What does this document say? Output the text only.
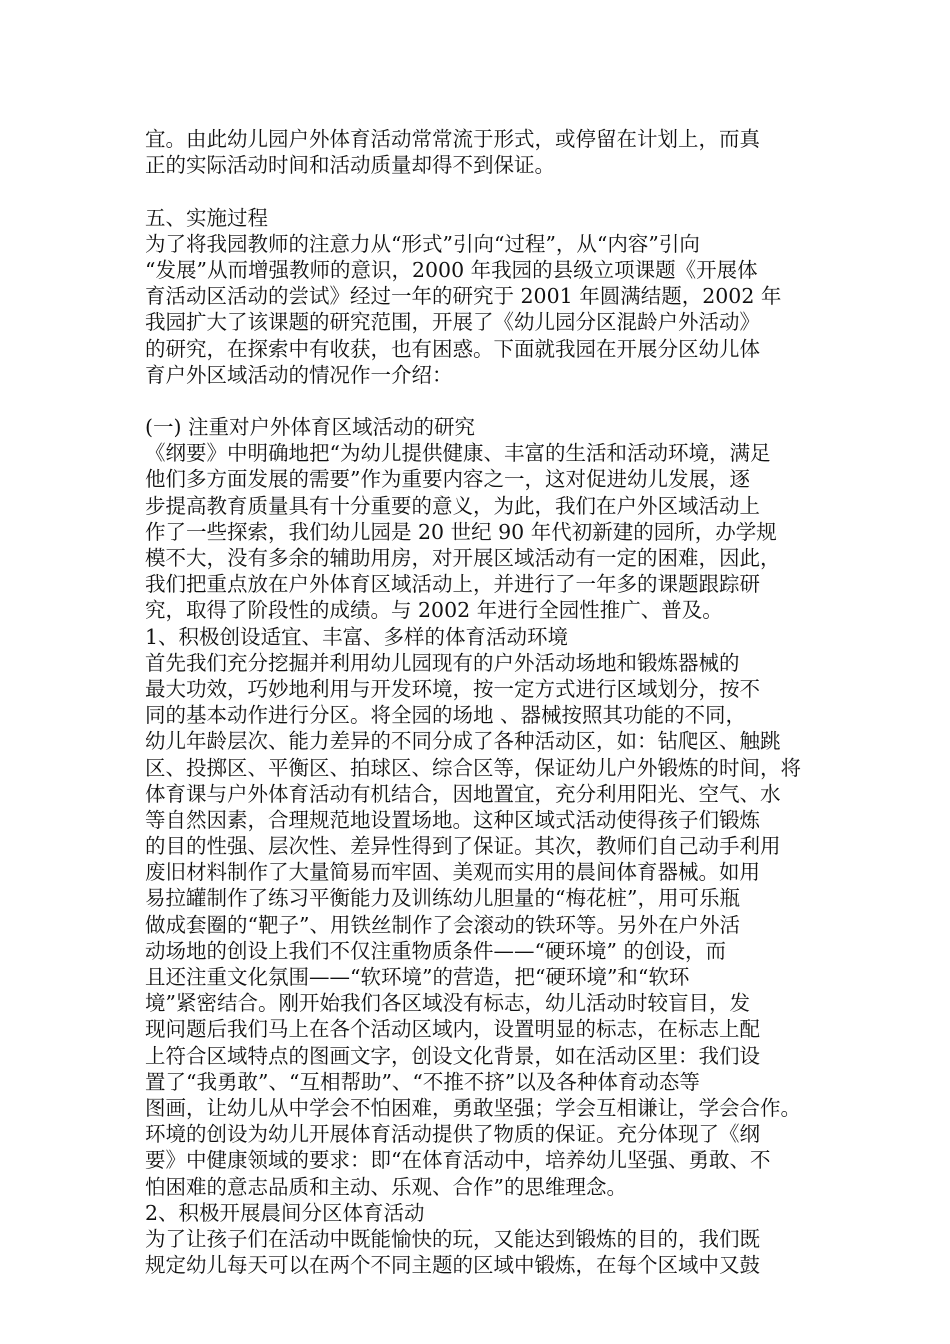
宜。由此幼儿园户外体育活动常常流于形式，或停留在计划上，而真
正的实际活动时间和活动质量却得不到保证。
五、实施过程
为了将我园教师的注意力从“形式”引向“过程”，从“内容”引向
“发展”从而增强教师的意识，2000 年我园的县级立项课题《开展体
育活动区活动的尝试》经过一年的研究于 2001 年圆满结题，2002 年
我园扩大了该课题的研究范围，开展了《幼儿园分区混龄户外活动》
的研究，在探索中有收获，也有困惑。下面就我园在开展分区幼儿体
育户外区域活动的情况作一介绍：
(一) 注重对户外体育区域活动的研究
《纲要》中明确地把“为幼儿提供健康、丰富的生活和活动环境，满足
他们多方面发展的需要”作为重要内容之一，这对促进幼儿发展，逐
步提高教育质量具有十分重要的意义，为此，我们在户外区域活动上
作了一些探索，我们幼儿园是 20 世纪 90 年代初新建的园所，办学规
模不大，没有多余的辅助用房，对开展区域活动有一定的困难，因此，
我们把重点放在户外体育区域活动上，并进行了一年多的课题跟踪研
究，取得了阶段性的成绩。与 2002 年进行全园性推广、普及。
1、积极创设适宜、丰富、多样的体育活动环境
首先我们充分挖掘并利用幼儿园现有的户外活动场地和锻炼器械的
最大功效，巧妙地利用与开发环境，按一定方式进行区域划分，按不
同的基本动作进行分区。将全园的场地 、器械按照其功能的不同，
幼儿年龄层次、能力差异的不同分成了各种活动区，如：钻爬区、触跳
区、投掷区、平衡区、拍球区、综合区等，保证幼儿户外锻炼的时间，将
体育课与户外体育活动有机结合，因地置宜，充分利用阳光、空气、水
等自然因素，合理规范地设置场地。这种区域式活动使得孩子们锻炼
的目的性强、层次性、差异性得到了保证。其次，教师们自己动手利用
废旧材料制作了大量简易而牢固、美观而实用的晨间体育器械。如用
易拉罐制作了练习平衡能力及训练幼儿胆量的“梅花桩”，用可乐瓶
做成套圈的“靶子”、用铁丝制作了会滚动的铁环等。另外在户外活
动场地的创设上我们不仅注重物质条件——“硬环境” 的创设，而
且还注重文化氛围——“软环境”的营造，把“硬环境”和“软环
境”紧密结合。刚开始我们各区域没有标志，幼儿活动时较盲目，发
现问题后我们马上在各个活动区域内，设置明显的标志，在标志上配
上符合区域特点的图画文字，创设文化背景，如在活动区里：我们设
置了“我勇敢”、“互相帮助”、“不推不挤”以及各种体育动态等
图画，让幼儿从中学会不怕困难，勇敢坚强；学会互相谦让，学会合作。
环境的创设为幼儿开展体育活动提供了物质的保证。充分体现了《纲
要》中健康领域的要求：即“在体育活动中，培养幼儿坚强、勇敢、不
怕困难的意志品质和主动、乐观、合作”的思维理念。
2、积极开展晨间分区体育活动
为了让孩子们在活动中既能愉快的玩，又能达到锻炼的目的，我们既
规定幼儿每天可以在两个不同主题的区域中锻炼，在每个区域中又鼓
